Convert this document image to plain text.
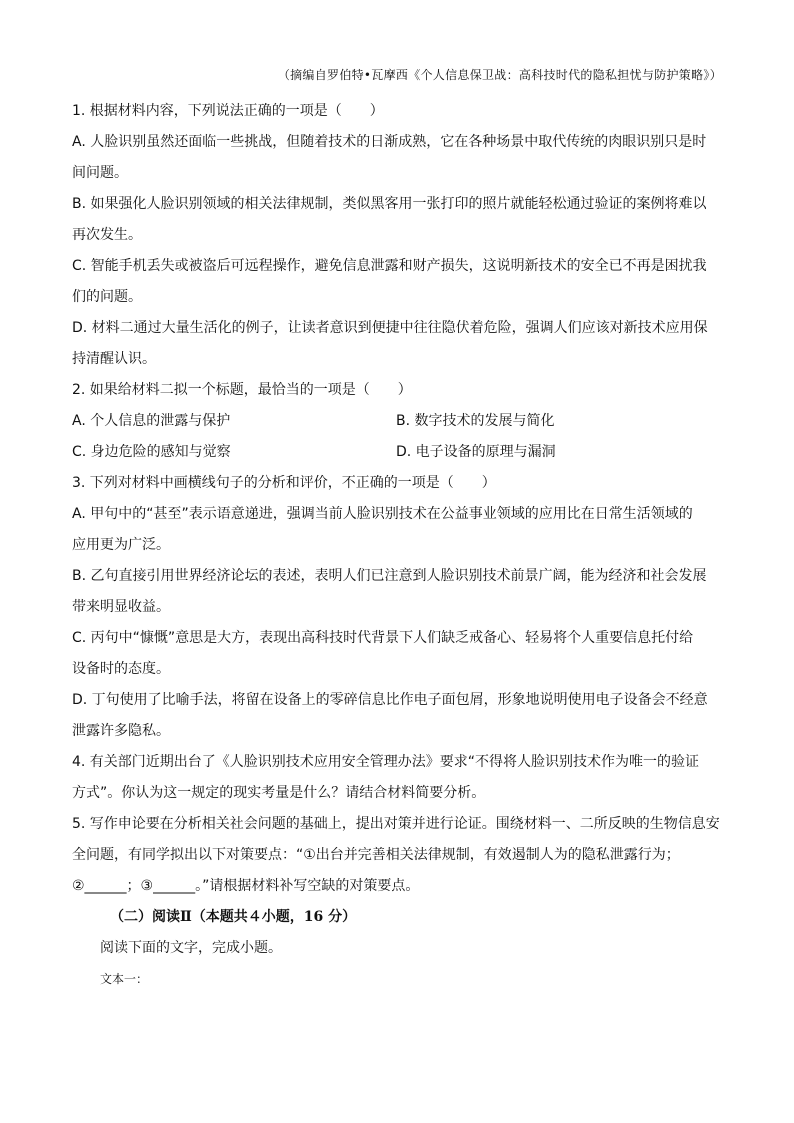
（摘编自罗伯特•瓦摩西《个人信息保卫战：高科技时代的隐私担忧与防护策略》）
1. 根据材料内容，下列说法正确的一项是（　　）
A. 人脸识别虽然还面临一些挑战，但随着技术的日渐成熟，它在各种场景中取代传统的肉眼识别只是时
间问题。
B. 如果强化人脸识别领域的相关法律规制，类似黑客用一张打印的照片就能轻松通过验证的案例将难以
再次发生。
C. 智能手机丢失或被盗后可远程操作，避免信息泄露和财产损失，这说明新技术的安全已不再是困扰我
们的问题。
D. 材料二通过大量生活化的例子，让读者意识到便捷中往往隐伏着危险，强调人们应该对新技术应用保
持清醒认识。
2. 如果给材料二拟一个标题，最恰当的一项是（　　）
A. 个人信息的泄露与保护	B. 数字技术的发展与简化
C. 身边危险的感知与觉察	D. 电子设备的原理与漏洞
3. 下列对材料中画横线句子的分析和评价，不正确的一项是（　　）
A. 甲句中的“甚至”表示语意递进，强调当前人脸识别技术在公益事业领域的应用比在日常生活领域的
应用更为广泛。
B. 乙句直接引用世界经济论坛的表述，表明人们已注意到人脸识别技术前景广阔，能为经济和社会发展
带来明显收益。
C. 丙句中“慷慨”意思是大方，表现出高科技时代背景下人们缺乏戒备心、轻易将个人重要信息托付给
设备时的态度。
D. 丁句使用了比喻手法，将留在设备上的零碎信息比作电子面包屑，形象地说明使用电子设备会不经意
泄露许多隐私。
4. 有关部门近期出台了《人脸识别技术应用安全管理办法》要求“不得将人脸识别技术作为唯一的验证
方式”。你认为这一规定的现实考量是什么？请结合材料简要分析。
5. 写作申论要在分析相关社会问题的基础上，提出对策并进行论证。围绕材料一、二所反映的生物信息安
全问题，有同学拟出以下对策要点：“①出台并完善相关法律规制，有效遏制人为的隐私泄露行为；
②______；③______。”请根据材料补写空缺的对策要点。
（二）阅读Ⅱ（本题共４小题，16 分）
阅读下面的文字，完成小题。
文本一：
